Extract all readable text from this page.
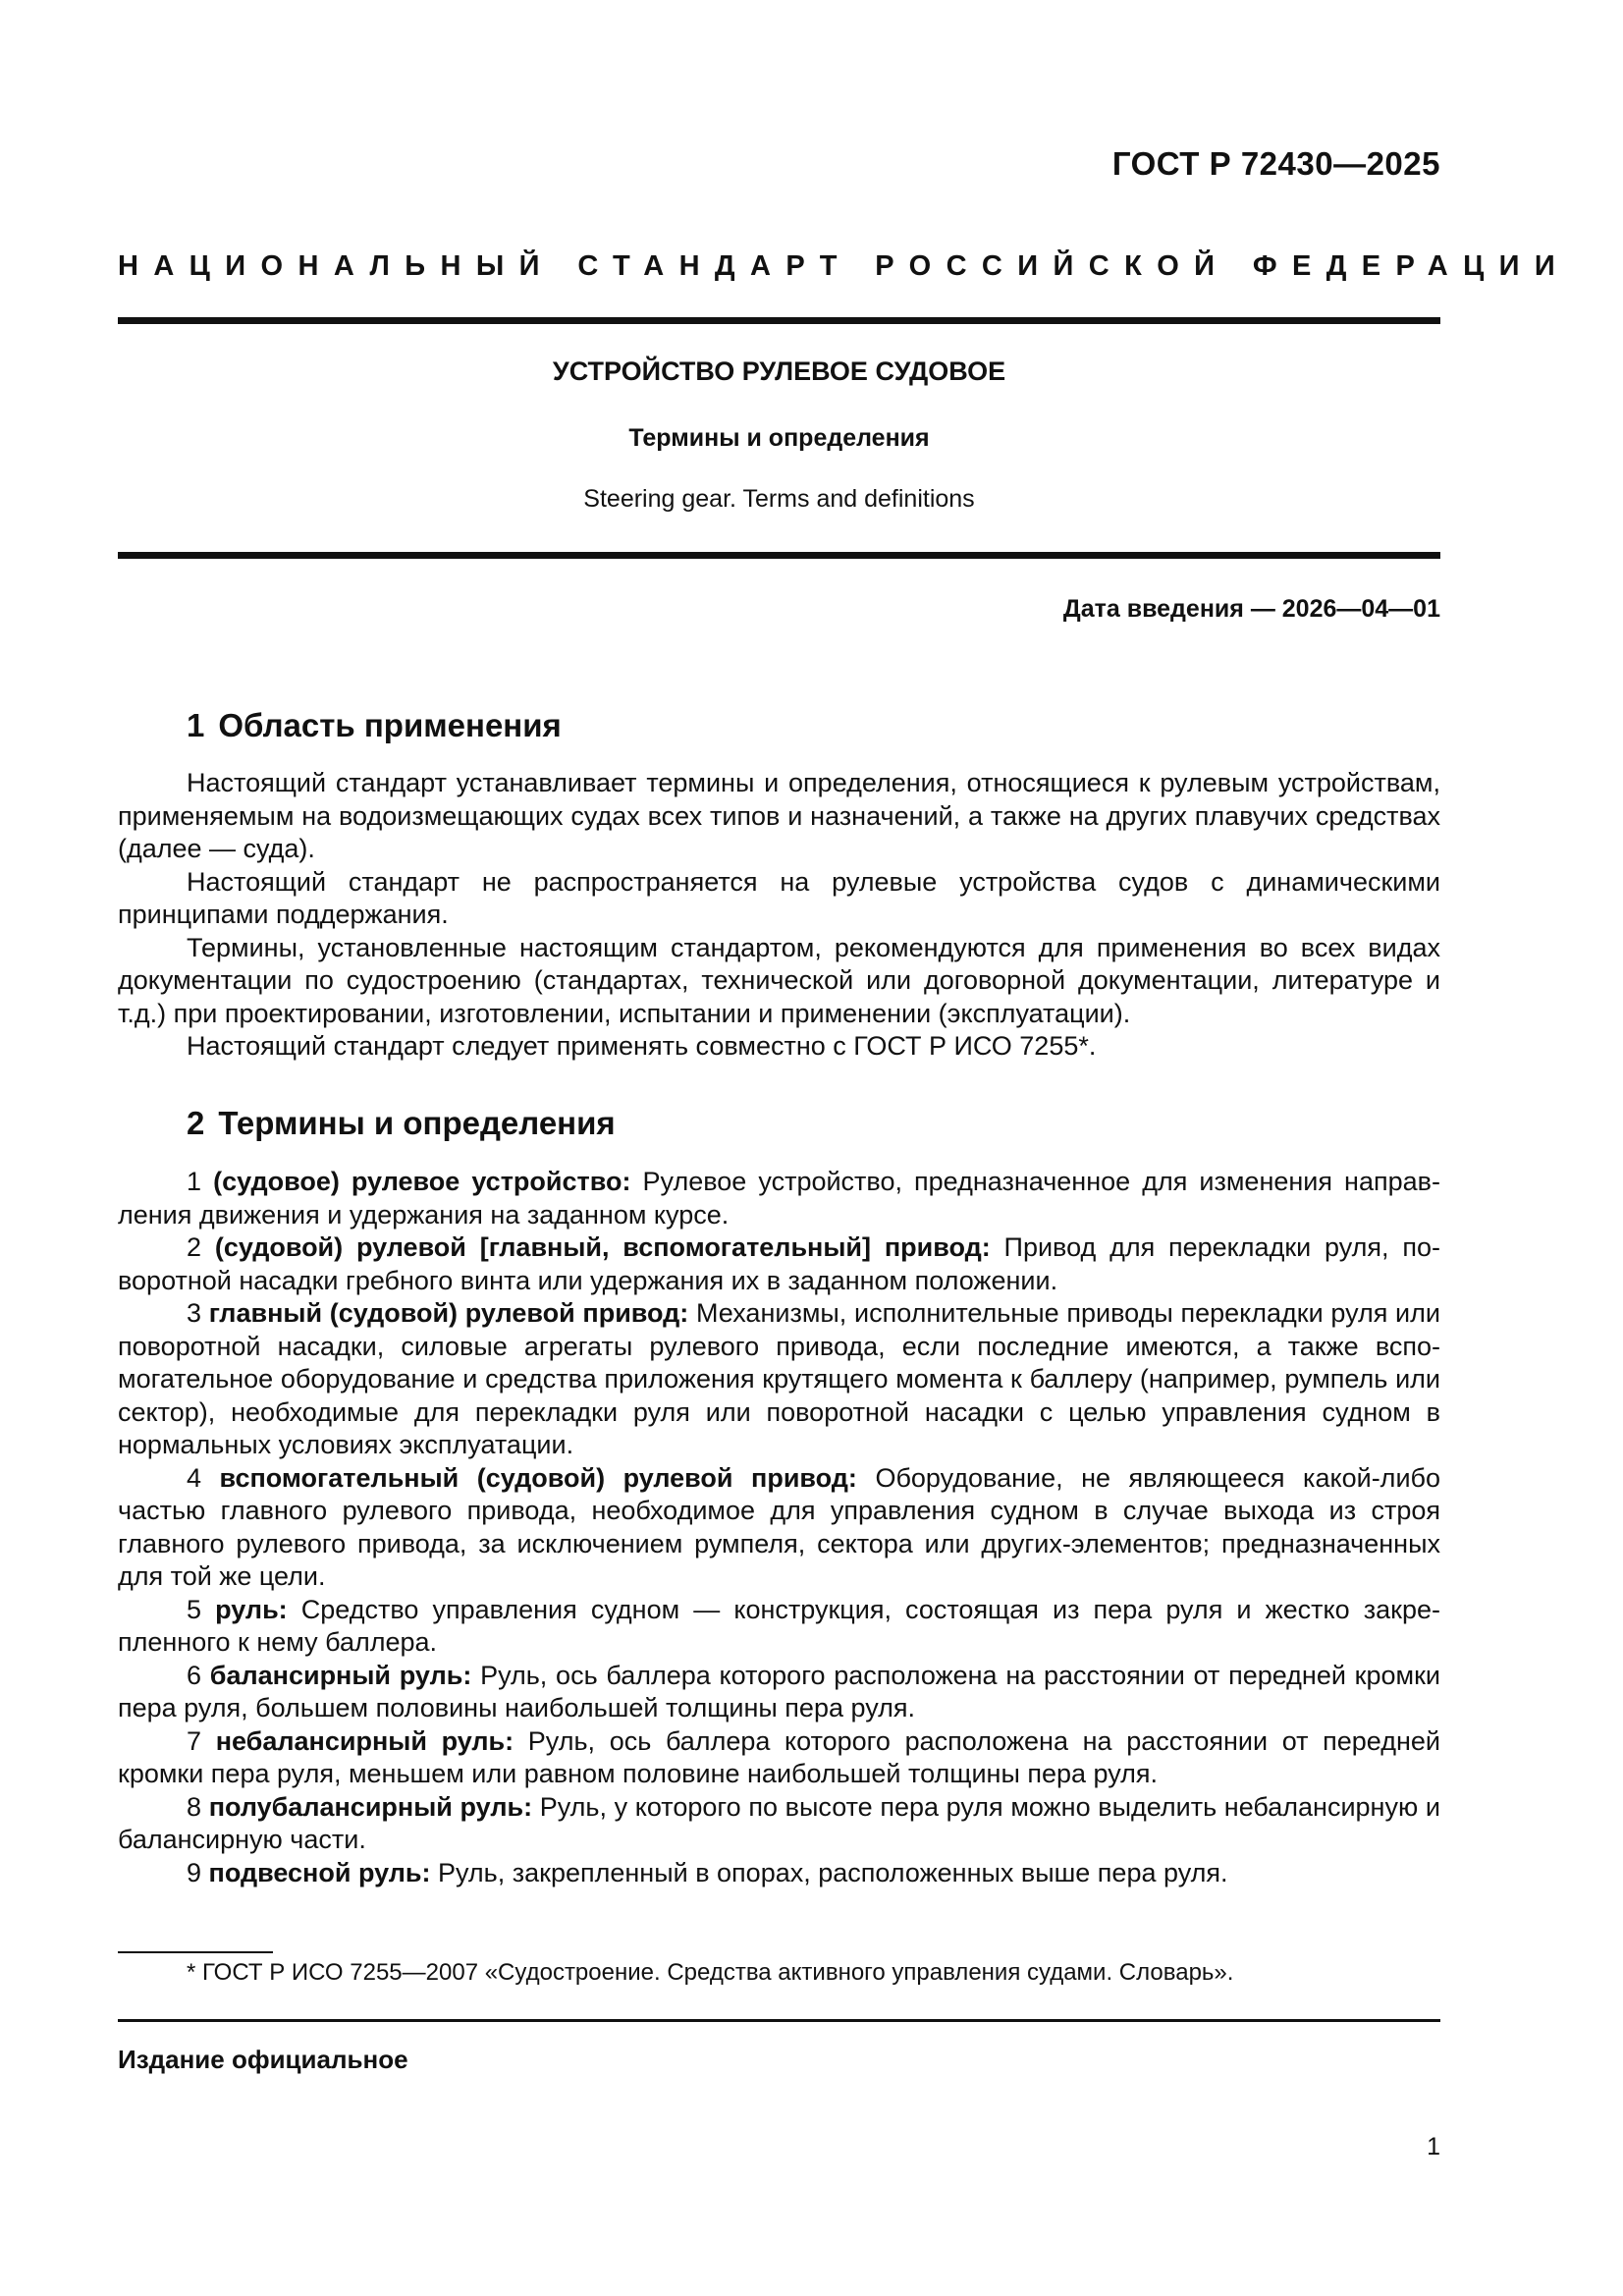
ГОСТ Р 72430—2025
НАЦИОНАЛЬНЫЙ СТАНДАРТ РОССИЙСКОЙ ФЕДЕРАЦИИ
УСТРОЙСТВО РУЛЕВОЕ СУДОВОЕ
Термины и определения
Steering gear. Terms and definitions
Дата введения — 2026—04—01
1 Область применения

Настоящий стандарт устанавливает термины и определения, относящиеся к рулевым устройствам, применяемым на водоизмещающих судах всех типов и назначений, а также на других плавучих средствах (далее — суда).

Настоящий стандарт не распространяется на рулевые устройства судов с динамическими принципами поддержания.

Термины, установленные настоящим стандартом, рекомендуются для применения во всех видах документации по судостроению (стандартах, технической или договорной документации, литературе и т.д.) при проектировании, изготовлении, испытании и применении (эксплуатации).

Настоящий стандарт следует применять совместно с ГОСТ Р ИСО 7255*.

2 Термины и определения

1 (судовое) рулевое устройство: Рулевое устройство, предназначенное для изменения направления движения и удержания на заданном курсе.

2 (судовой) рулевой [главный, вспомогательный] привод: Привод для перекладки руля, поворотной насадки гребного винта или удержания их в заданном положении.

3 главный (судовой) рулевой привод: Механизмы, исполнительные приводы перекладки руля или поворотной насадки, силовые агрегаты рулевого привода, если последние имеются, а также вспомогательное оборудование и средства приложения крутящего момента к баллеру (например, румпель или сектор), необходимые для перекладки руля или поворотной насадки с целью управления судном в нормальных условиях эксплуатации.

4 вспомогательный (судовой) рулевой привод: Оборудование, не являющееся какой-либо частью главного рулевого привода, необходимое для управления судном в случае выхода из строя главного рулевого привода, за исключением румпеля, сектора или других-элементов; предназначенных для той же цели.

5 руль: Средство управления судном — конструкция, состоящая из пера руля и жестко закрепленного к нему баллера.

6 балансирный руль: Руль, ось баллера которого расположена на расстоянии от передней кромки пера руля, большем половины наибольшей толщины пера руля.

7 небалансирный руль: Руль, ось баллера которого расположена на расстоянии от передней кромки пера руля, меньшем или равном половине наибольшей толщины пера руля.

8 полубалансирный руль: Руль, у которого по высоте пера руля можно выделить небалансирную и балансирную части.

9 подвесной руль: Руль, закрепленный в опорах, расположенных выше пера руля.

* ГОСТ Р ИСО 7255—2007 «Судостроение. Средства активного управления судами. Словарь».
Издание официальное
1
